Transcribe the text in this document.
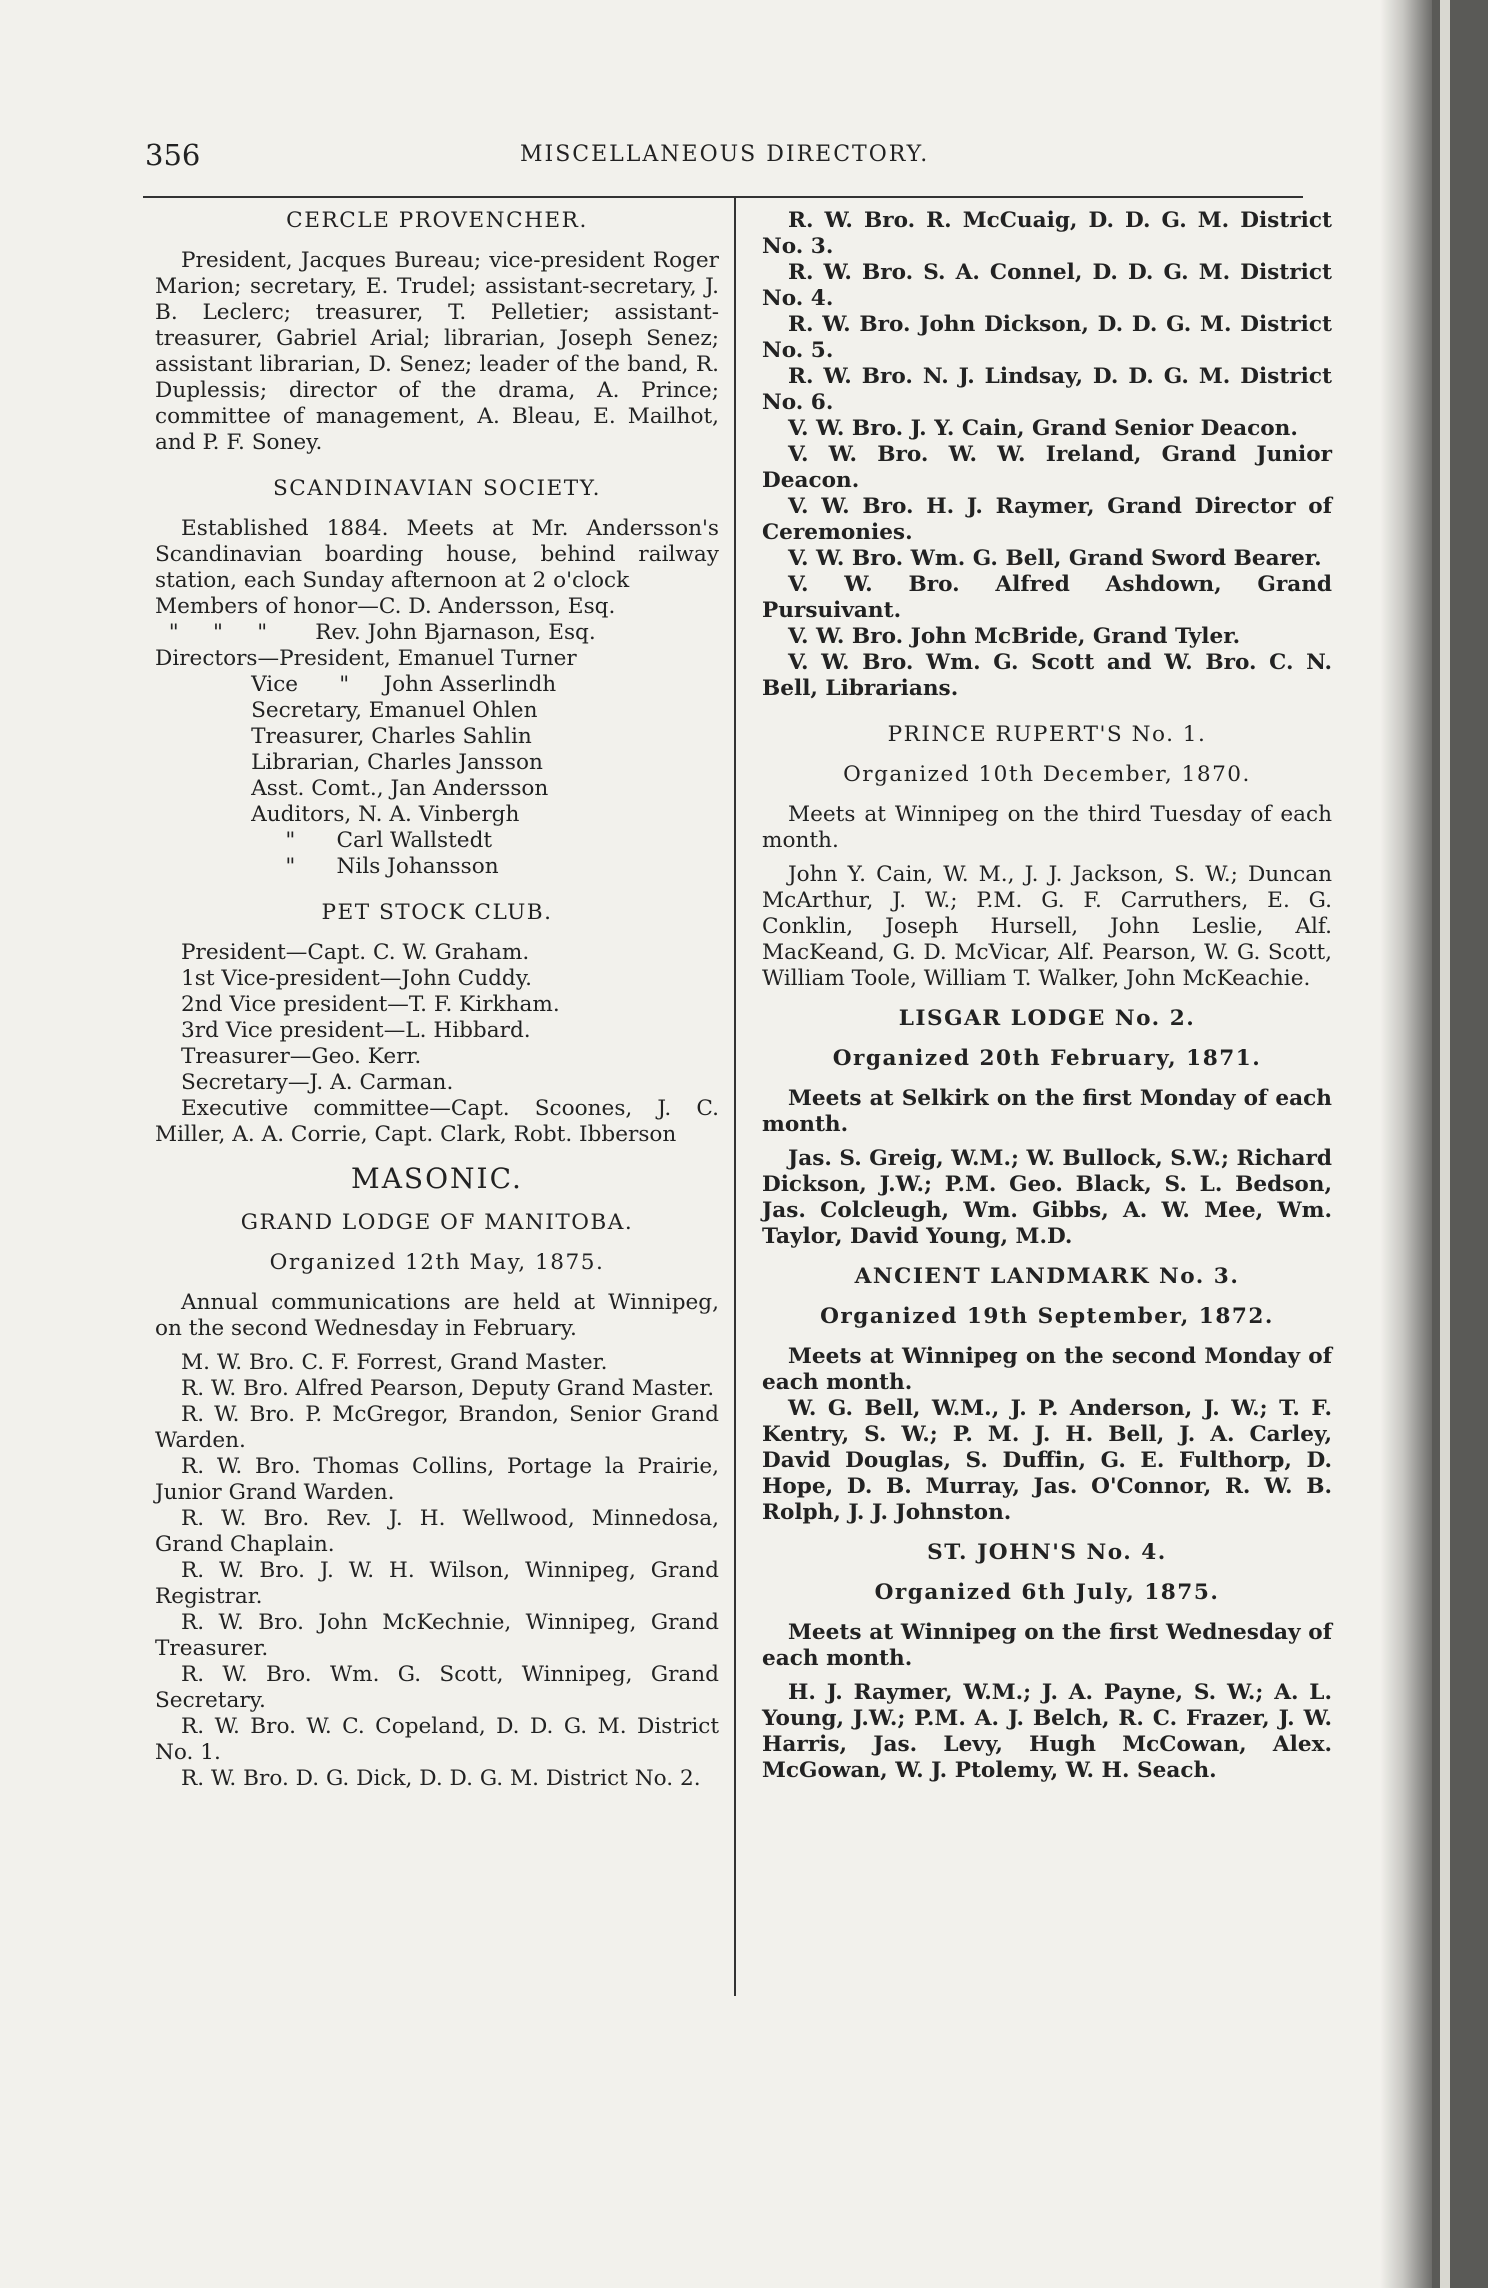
356	MISCELLANEOUS DIRECTORY.

CERCLE PROVENCHER.

President, Jacques Bureau; vice-president Roger Marion; secretary, E. Trudel; assistant-secretary, J. B. Leclerc; treasurer, T. Pelletier; assistant-treasurer, Gabriel Arial; librarian, Joseph Senez; assistant librarian, D. Senez; leader of the band, R. Duplessis; director of the drama, A. Prince; committee of management, A. Bleau, E. Mailhot, and P. F. Soney.

SCANDINAVIAN SOCIETY.

Established 1884. Meets at Mr. Andersson's Scandinavian boarding house, behind railway station, each Sunday afternoon at 2 o'clock

Members of honor—C. D. Andersson, Esq.

"     "     "       Rev. John Bjarnason, Esq.

Directors—President, Emanuel Turner

Vice      "     John Asserlindh

Secretary, Emanuel Ohlen

Treasurer, Charles Sahlin

Librarian, Charles Jansson

Asst. Comt., Jan Andersson

Auditors, N. A. Vinbergh

"      Carl Wallstedt

"      Nils Johansson

PET STOCK CLUB.

President—Capt. C. W. Graham.

1st Vice-president—John Cuddy.

2nd Vice president—T. F. Kirkham.

3rd Vice president—L. Hibbard.

Treasurer—Geo. Kerr.

Secretary—J. A. Carman.

Executive committee—Capt. Scoones, J. C. Miller, A. A. Corrie, Capt. Clark, Robt. Ibberson

MASONIC.

GRAND LODGE OF MANITOBA.

Organized 12th May, 1875.

Annual communications are held at Winnipeg, on the second Wednesday in February.

M. W. Bro. C. F. Forrest, Grand Master.

R. W. Bro. Alfred Pearson, Deputy Grand Master.

R. W. Bro. P. McGregor, Brandon, Senior Grand Warden.

R. W. Bro. Thomas Collins, Portage la Prairie, Junior Grand Warden.

R. W. Bro. Rev. J. H. Wellwood, Minnedosa, Grand Chaplain.

R. W. Bro. J. W. H. Wilson, Winnipeg, Grand Registrar.

R. W. Bro. John McKechnie, Winnipeg, Grand Treasurer.

R. W. Bro. Wm. G. Scott, Winnipeg, Grand Secretary.

R. W. Bro. W. C. Copeland, D. D. G. M. District No. 1.

R. W. Bro. D. G. Dick, D. D. G. M. District No. 2.

R. W. Bro. R. McCuaig, D. D. G. M. District No. 3.

R. W. Bro. S. A. Connel, D. D. G. M. District No. 4.

R. W. Bro. John Dickson, D. D. G. M. District No. 5.

R. W. Bro. N. J. Lindsay, D. D. G. M. District No. 6.

V. W. Bro. J. Y. Cain, Grand Senior Deacon.

V. W. Bro. W. W. Ireland, Grand Junior Deacon.

V. W. Bro. H. J. Raymer, Grand Director of Ceremonies.

V. W. Bro. Wm. G. Bell, Grand Sword Bearer.

V. W. Bro. Alfred Ashdown, Grand Pursuivant.

V. W. Bro. John McBride, Grand Tyler.

V. W. Bro. Wm. G. Scott and W. Bro. C. N. Bell, Librarians.

PRINCE RUPERT'S No. 1.

Organized 10th December, 1870.

Meets at Winnipeg on the third Tuesday of each month.

John Y. Cain, W. M., J. J. Jackson, S. W.; Duncan McArthur, J. W.; P.M. G. F. Carruthers, E. G. Conklin, Joseph Hursell, John Leslie, Alf. MacKeand, G. D. McVicar, Alf. Pearson, W. G. Scott, William Toole, William T. Walker, John McKeachie.

LISGAR LODGE No. 2.

Organized 20th February, 1871.

Meets at Selkirk on the first Monday of each month.

Jas. S. Greig, W.M.; W. Bullock, S.W.; Richard Dickson, J.W.; P.M. Geo. Black, S. L. Bedson, Jas. Colcleugh, Wm. Gibbs, A. W. Mee, Wm. Taylor, David Young, M.D.

ANCIENT LANDMARK No. 3.

Organized 19th September, 1872.

Meets at Winnipeg on the second Monday of each month.

W. G. Bell, W.M., J. P. Anderson, J. W.; T. F. Kentry, S. W.; P. M. J. H. Bell, J. A. Carley, David Douglas, S. Duffin, G. E. Fulthorp, D. Hope, D. B. Murray, Jas. O'Connor, R. W. B. Rolph, J. J. Johnston.

ST. JOHN'S No. 4.

Organized 6th July, 1875.

Meets at Winnipeg on the first Wednesday of each month.

H. J. Raymer, W.M.; J. A. Payne, S. W.; A. L. Young, J.W.; P.M. A. J. Belch, R. C. Frazer, J. W. Harris, Jas. Levy, Hugh McCowan, Alex. McGowan, W. J. Ptolemy, W. H. Seach.
